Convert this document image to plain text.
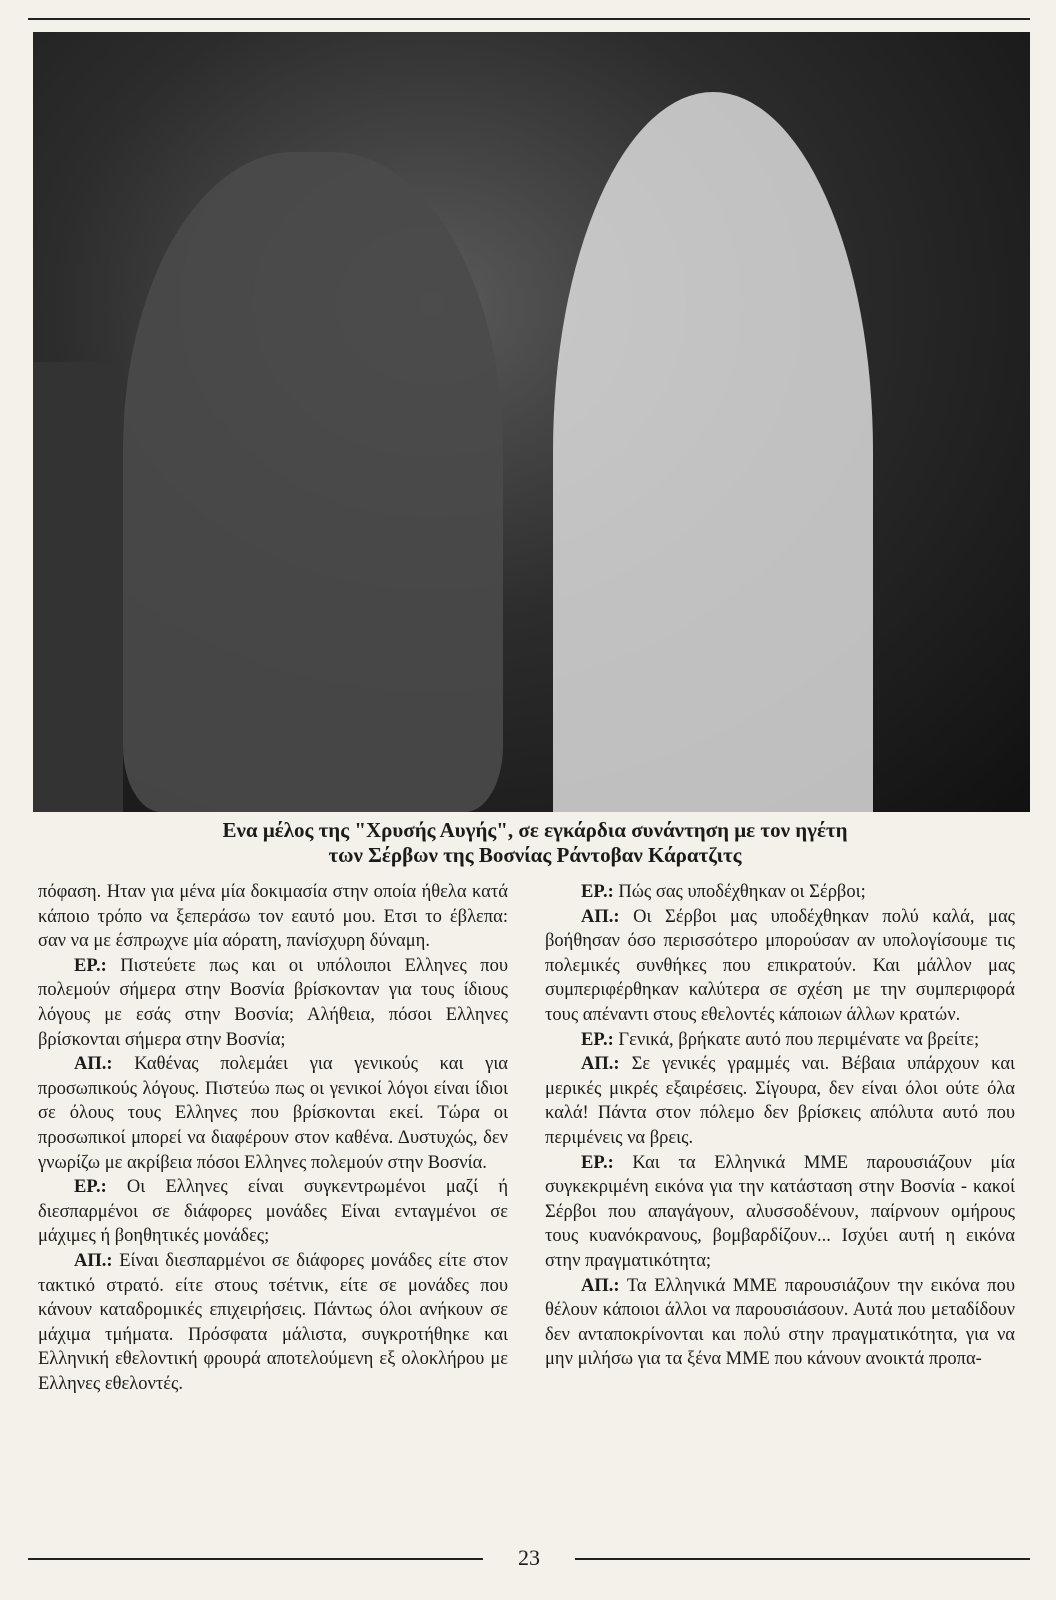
Ενα μέλος της "Χρυσής Αυγής", σε εγκάρδια συνάντηση με τον ηγέτη
των Σέρβων της Βοσνίας Ράντοβαν Κάρατζιτς

πόφαση. Ηταν για μένα μία δοκιμασία στην οποία ήθελα κατά κάποιο τρόπο να ξεπεράσω τον εαυτό μου. Ετσι το έβλεπα: σαν να με έσπρωχνε μία αόρατη, πανίσχυρη δύναμη.

ΕΡ.: Πιστεύετε πως και οι υπόλοιποι Ελληνες που πολεμούν σήμερα στην Βοσνία βρίσκονταν για τους ίδιους λόγους με εσάς στην Βοσνία; Αλήθεια, πόσοι Ελληνες βρίσκονται σήμερα στην Βοσνία;

ΑΠ.: Καθένας πολεμάει για γενικούς και για προσωπικούς λόγους. Πιστεύω πως οι γενικοί λόγοι είναι ίδιοι σε όλους τους Ελληνες που βρίσκονται εκεί. Τώρα οι προσωπικοί μπορεί να διαφέρουν στον καθένα. Δυστυχώς, δεν γνωρίζω με ακρίβεια πόσοι Ελληνες πολεμούν στην Βοσνία.

ΕΡ.: Οι Ελληνες είναι συγκεντρωμένοι μαζί ή διεσπαρμένοι σε διάφορες μονάδες Είναι ενταγμένοι σε μάχιμες ή βοηθητικές μονάδες;

ΑΠ.: Είναι διεσπαρμένοι σε διάφορες μονάδες είτε στον τακτικό στρατό. είτε στους τσέτνικ, είτε σε μονάδες που κάνουν καταδρομικές επιχειρήσεις. Πάντως όλοι ανήκουν σε μάχιμα τμήματα. Πρόσφατα μάλιστα, συγκροτήθηκε και Ελληνική εθελοντική φρουρά αποτελούμενη εξ ολοκλήρου με Ελληνες εθελοντές.

ΕΡ.: Πώς σας υποδέχθηκαν οι Σέρβοι;

ΑΠ.: Οι Σέρβοι μας υποδέχθηκαν πολύ καλά, μας βοήθησαν όσο περισσότερο μπορούσαν αν υπολογίσουμε τις πολεμικές συνθήκες που επικρατούν. Και μάλλον μας συμπεριφέρθηκαν καλύτερα σε σχέση με την συμπεριφορά τους απέναντι στους εθελοντές κάποιων άλλων κρατών.

ΕΡ.: Γενικά, βρήκατε αυτό που περιμένατε να βρείτε;

ΑΠ.: Σε γενικές γραμμές ναι. Βέβαια υπάρχουν και μερικές μικρές εξαιρέσεις. Σίγουρα, δεν είναι όλοι ούτε όλα καλά! Πάντα στον πόλεμο δεν βρίσκεις απόλυτα αυτό που περιμένεις να βρεις.

ΕΡ.: Και τα Ελληνικά ΜΜΕ παρουσιάζουν μία συγκεκριμένη εικόνα για την κατάσταση στην Βοσνία - κακοί Σέρβοι που απαγάγουν, αλυσσοδένουν, παίρνουν ομήρους τους κυανόκρανους, βομβαρδίζουν... Ισχύει αυτή η εικόνα στην πραγματικότητα;

ΑΠ.: Τα Ελληνικά ΜΜΕ παρουσιάζουν την εικόνα που θέλουν κάποιοι άλλοι να παρουσιάσουν. Αυτά που μεταδίδουν δεν ανταποκρίνονται και πολύ στην πραγματικότητα, για να μην μιλήσω για τα ξένα ΜΜΕ που κάνουν ανοικτά προπα-

23
